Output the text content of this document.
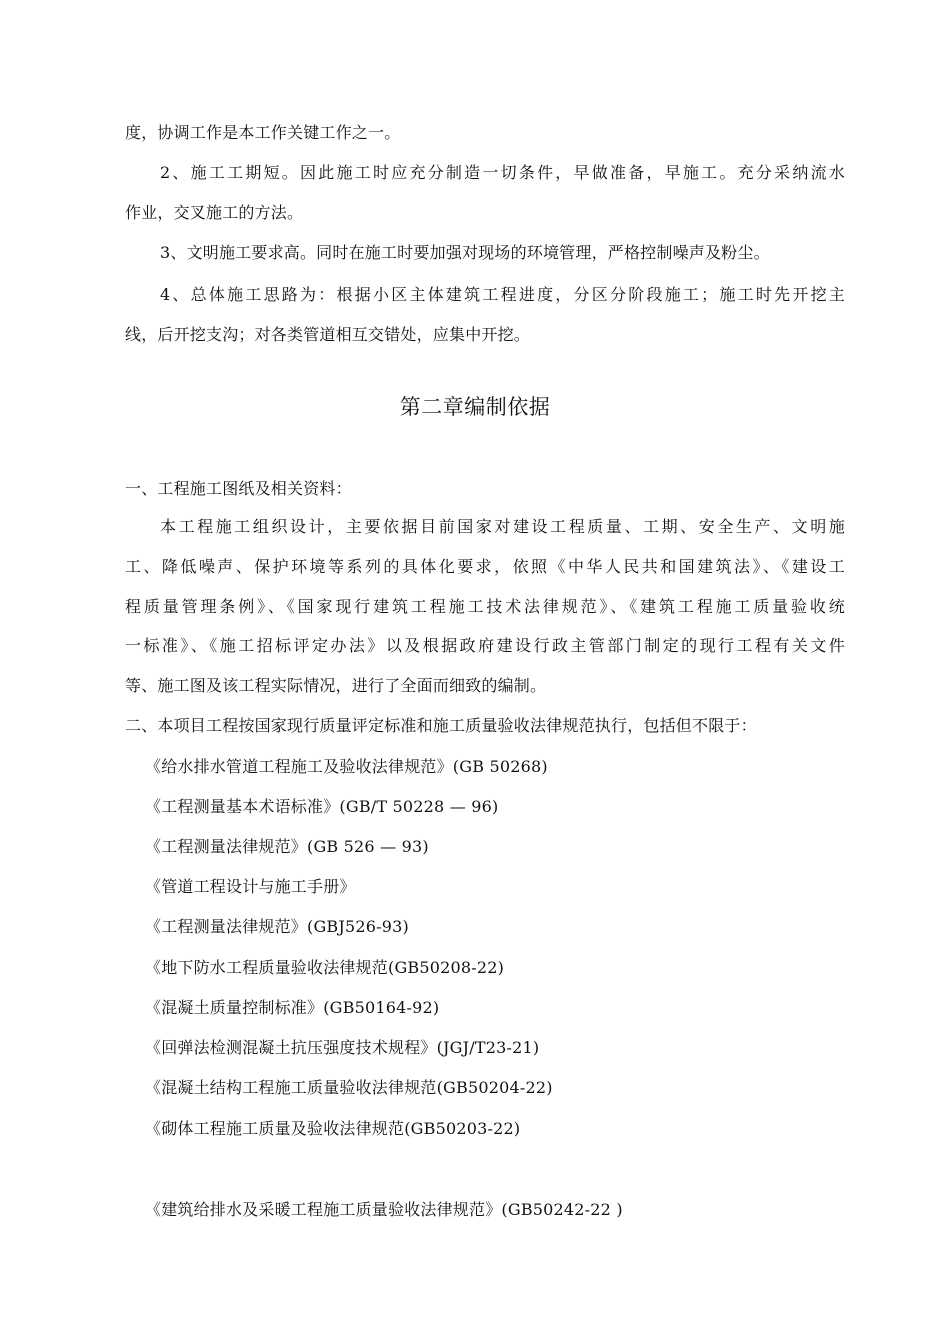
度，协调工作是本工作关键工作之一。
2、施工工期短。因此施工时应充分制造一切条件，早做准备，早施工。充分采纳流水
作业，交叉施工的方法。
3、文明施工要求高。同时在施工时要加强对现场的环境管理，严格控制噪声及粉尘。
4、总体施工思路为：根据小区主体建筑工程进度，分区分阶段施工；施工时先开挖主
线，后开挖支沟；对各类管道相互交错处，应集中开挖。
第二章编制依据
一、工程施工图纸及相关资料：
本工程施工组织设计，主要依据目前国家对建设工程质量、工期、安全生产、文明施
工、降低噪声、保护环境等系列的具体化要求，依照《中华人民共和国建筑法》、《建设工
程质量管理条例》、《国家现行建筑工程施工技术法律规范》、《建筑工程施工质量验收统
一标准》、《施工招标评定办法》以及根据政府建设行政主管部门制定的现行工程有关文件
等、施工图及该工程实际情况，进行了全面而细致的编制。
二、本项目工程按国家现行质量评定标准和施工质量验收法律规范执行，包括但不限于：
《给水排水管道工程施工及验收法律规范》(GB 50268)
《工程测量基本术语标准》(GB/T 50228 — 96)
《工程测量法律规范》(GB 526 — 93)
《管道工程设计与施工手册》
《工程测量法律规范》(GBJ526-93)
《地下防水工程质量验收法律规范(GB50208-22)
《混凝土质量控制标准》(GB50164-92)
《回弹法检测混凝土抗压强度技术规程》(JGJ/T23-21)
《混凝土结构工程施工质量验收法律规范(GB50204-22)
《砌体工程施工质量及验收法律规范(GB50203-22)
《建筑给排水及采暖工程施工质量验收法律规范》(GB50242-22 )
